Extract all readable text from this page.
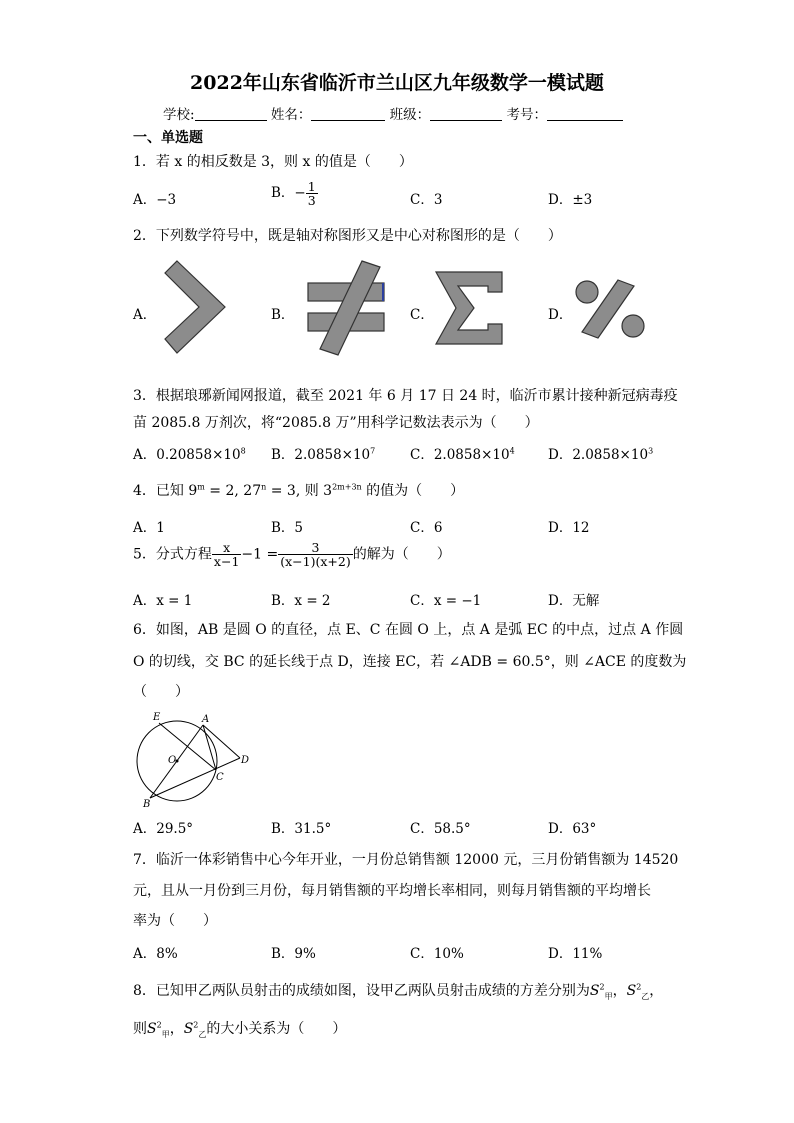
2022年山东省临沂市兰山区九年级数学一模试题
学校:	姓名：	班级：	考号：
一、单选题
1．若 x 的相反数是 3，则 x 的值是（　　）
A．−3	B．− $\frac{1}{3}$	C．3	D．±3
2．下列数学符号中，既是轴对称图形又是中心对称图形的是（　　）
A．	B．	C．	D．
3．根据琅琊新闻网报道，截至 2021 年 6 月 17 日 24 时，临沂市累计接种新冠病毒疫
苗 2085.8 万剂次，将“2085.8 万”用科学记数法表示为（　　）
A．$0.20858\times 10^8$ B．$2.0858\times 10^7$	C．$2.0858\times 10^4$ D．$2.0858\times 10^3$
4．已知 $9^m = 2$, $27^n = 3$, 则 $3^{2m+3n}$ 的值为（　　）
A．1	B．5	C．6	D．12
5．分式方程 $\frac{x}{x-1} -1 = \frac{3}{(x-1)(x+2)}$ 的解为（　　）
A．x = 1	B．x = 2	C．x = −1	D．无解
6．如图，AB 是圆 O 的直径，点 E、C 在圆 O 上，点 A 是弧 EC 的中点，过点 A 作圆
O 的切线，交 BC 的延长线于点 D，连接 EC，若 ∠ADB = 60.5°，则 ∠ACE 的度数为
（　　）
E	A
O	D
C
B
A．29.5°	B．31.5°	C．58.5°	D．63°
7．临沂一体彩销售中心今年开业，一月份总销售额 12000 元，三月份销售额为 14520
元，且从一月份到三月份，每月销售额的平均增长率相同，则每月销售额的平均增长
率为（　　）
A．8%	B．9%	C．10%	D．11%
8．已知甲乙两队员射击的成绩如图，设甲乙两队员射击成绩的方差分别为$S^2_甲$，$S^2_乙$，
则$S^2_甲$，$S^2_乙$的大小关系为（　　）
